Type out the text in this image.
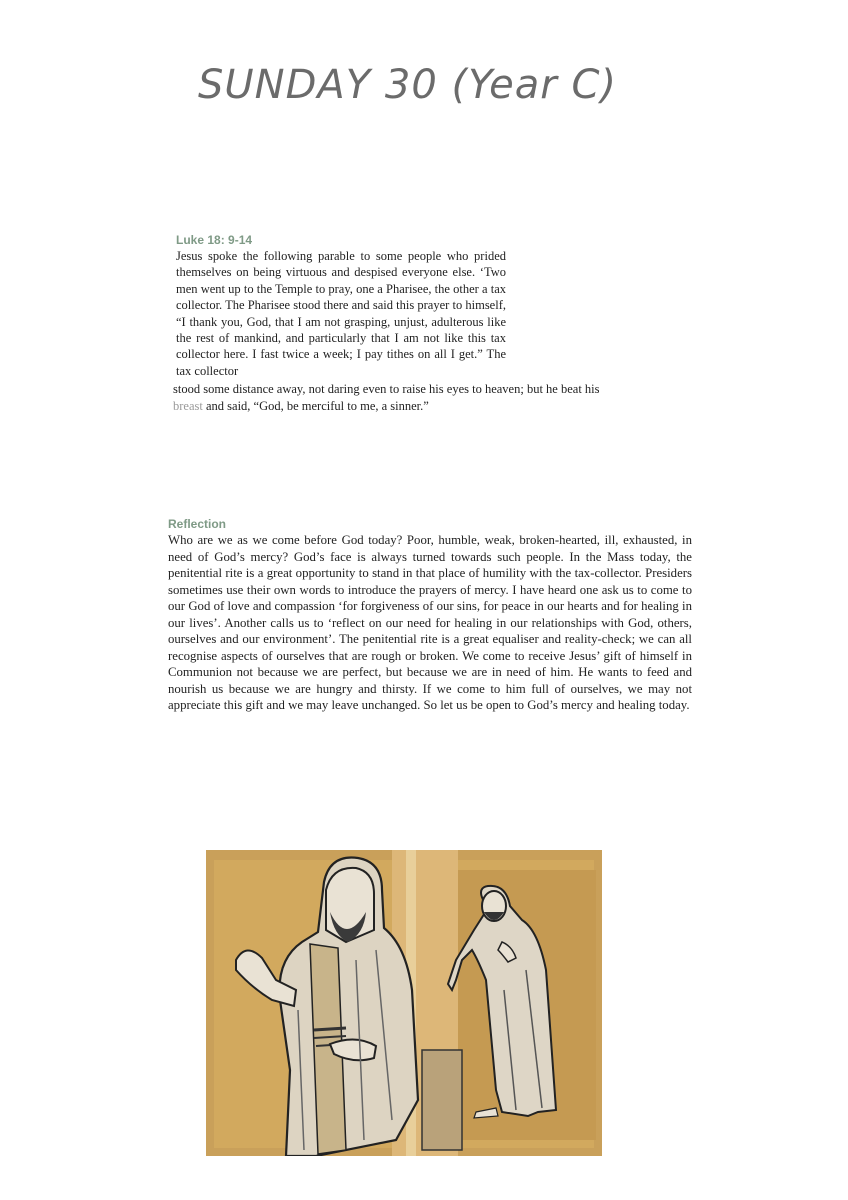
SUNDAY 30 (Year C)
Luke 18: 9-14

Jesus spoke the following parable to some people who prided themselves on being virtuous and despised everyone else. ‘Two men went up to the Temple to pray, one a Pharisee, the other a tax collector. The Pharisee stood there and said this prayer to himself, “I thank you, God, that I am not grasping, unjust, adulterous like the rest of mankind, and particularly that I am not like this tax collector here. I fast twice a week; I pay tithes on all I get.” The tax collector

stood some distance away, not daring even to raise his eyes to heaven; but he beat his
breast and said, “God, be merciful to me, a sinner.”
Reflection

Who are we as we come before God today? Poor, humble, weak, broken-hearted, ill, exhausted, in need of God’s mercy? God’s face is always turned towards such people. In the Mass today, the penitential rite is a great opportunity to stand in that place of humility with the tax-collector. Presiders sometimes use their own words to introduce the prayers of mercy. I have heard one ask us to come to our God of love and compassion ‘for forgiveness of our sins, for peace in our hearts and for healing in our lives’. Another calls us to ‘reflect on our need for healing in our relationships with God, others, ourselves and our environment’. The penitential rite is a great equaliser and reality-check; we can all recognise aspects of ourselves that are rough or broken. We come to receive Jesus’ gift of himself in Communion not because we are perfect, but because we are in need of him. He wants to feed and nourish us because we are hungry and thirsty. If we come to him full of ourselves, we may not appreciate this gift and we may leave unchanged. So let us be open to God’s mercy and healing today.
